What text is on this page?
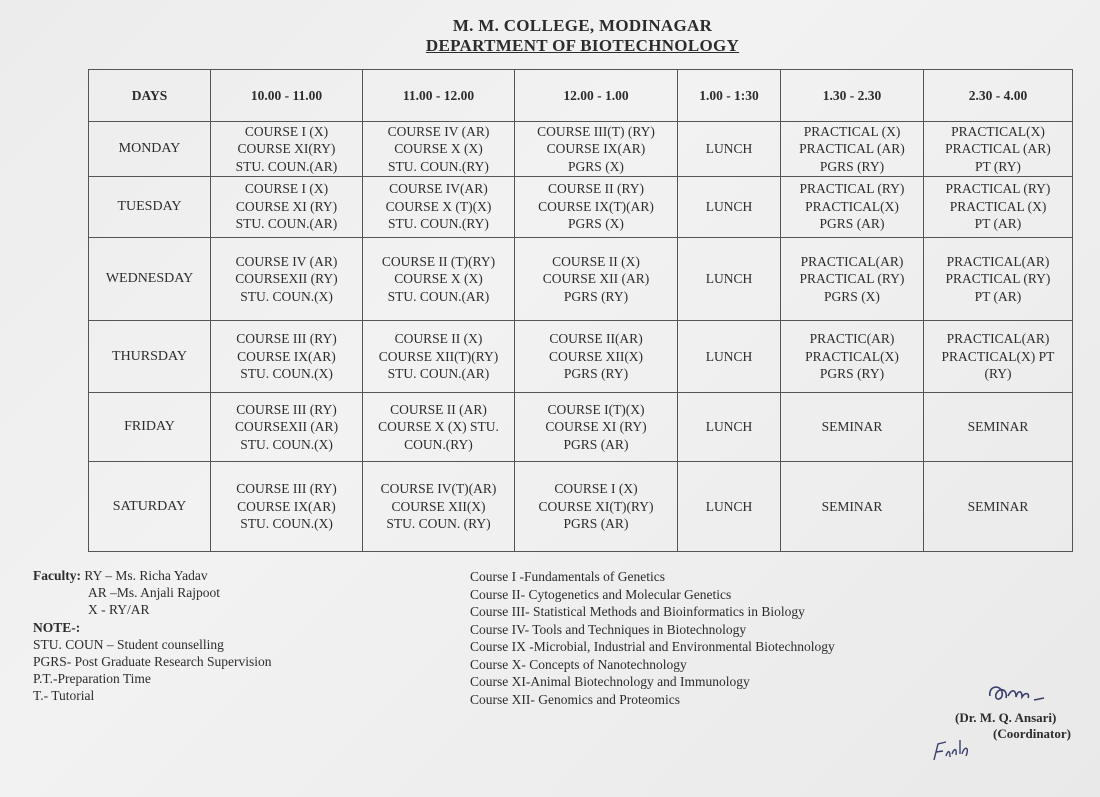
M. M. COLLEGE, MODINAGAR
DEPARTMENT OF BIOTECHNOLOGY
DAYS	10.00 - 11.00	11.00 - 12.00	12.00 - 1.00	1.00 - 1:30	1.30 - 2.30	2.30 - 4.00
MONDAY	COURSE I (X)
COURSE XI(RY)
STU. COUN.(AR)	COURSE IV (AR)
COURSE X (X)
STU. COUN.(RY)	COURSE III(T) (RY)
COURSE IX(AR)
PGRS (X)	LUNCH	PRACTICAL (X)
PRACTICAL (AR)
PGRS (RY)	PRACTICAL(X)
PRACTICAL (AR)
PT (RY)

TUESDAY	COURSE I (X)
COURSE XI (RY)
STU. COUN.(AR)	COURSE IV(AR)
COURSE X (T)(X)
STU. COUN.(RY)	COURSE II (RY)
COURSE IX(T)(AR)
PGRS (X)	LUNCH	PRACTICAL (RY)
PRACTICAL(X)
PGRS (AR)	PRACTICAL (RY)
PRACTICAL (X)
PT (AR)

WEDNESDAY	COURSE IV (AR)
COURSEXII (RY)
STU. COUN.(X)	COURSE II (T)(RY)
COURSE X (X)
STU. COUN.(AR)	COURSE II (X)
COURSE XII (AR)
PGRS (RY)	LUNCH	PRACTICAL(AR)
PRACTICAL (RY)
PGRS (X)	PRACTICAL(AR)
PRACTICAL (RY)
PT (AR)

THURSDAY	COURSE III (RY)
COURSE IX(AR)
STU. COUN.(X)	COURSE II (X)
COURSE XII(T)(RY)
STU. COUN.(AR)	COURSE II(AR)
COURSE XII(X)
PGRS (RY)	LUNCH	PRACTIC(AR)
PRACTICAL(X)
PGRS (RY)	PRACTICAL(AR)
PRACTICAL(X) PT
(RY)

FRIDAY	COURSE III (RY)
COURSEXII (AR)
STU. COUN.(X)	COURSE II (AR)
COURSE X (X) STU.
COUN.(RY)	COURSE I(T)(X)
COURSE XI (RY)
PGRS (AR)	LUNCH	SEMINAR	SEMINAR

SATURDAY	COURSE III (RY)
COURSE IX(AR)
STU. COUN.(X)	COURSE IV(T)(AR)
COURSE XII(X)
STU. COUN. (RY)	COURSE I (X)
COURSE XI(T)(RY)
PGRS (AR)	LUNCH	SEMINAR	SEMINAR
Faculty: RY – Ms. Richa Yadav
AR –Ms. Anjali Rajpoot
X - RY/AR
NOTE-:
STU. COUN – Student counselling
PGRS- Post Graduate Research Supervision
P.T.-Preparation Time
T.- Tutorial
Course I -Fundamentals of Genetics
Course II- Cytogenetics and Molecular Genetics
Course III- Statistical Methods and Bioinformatics in Biology
Course IV- Tools and Techniques in Biotechnology
Course IX -Microbial, Industrial and Environmental Biotechnology
Course X- Concepts of Nanotechnology
Course XI-Animal Biotechnology and Immunology
Course XII- Genomics and Proteomics
(Dr. M. Q. Ansari)
(Coordinator)
